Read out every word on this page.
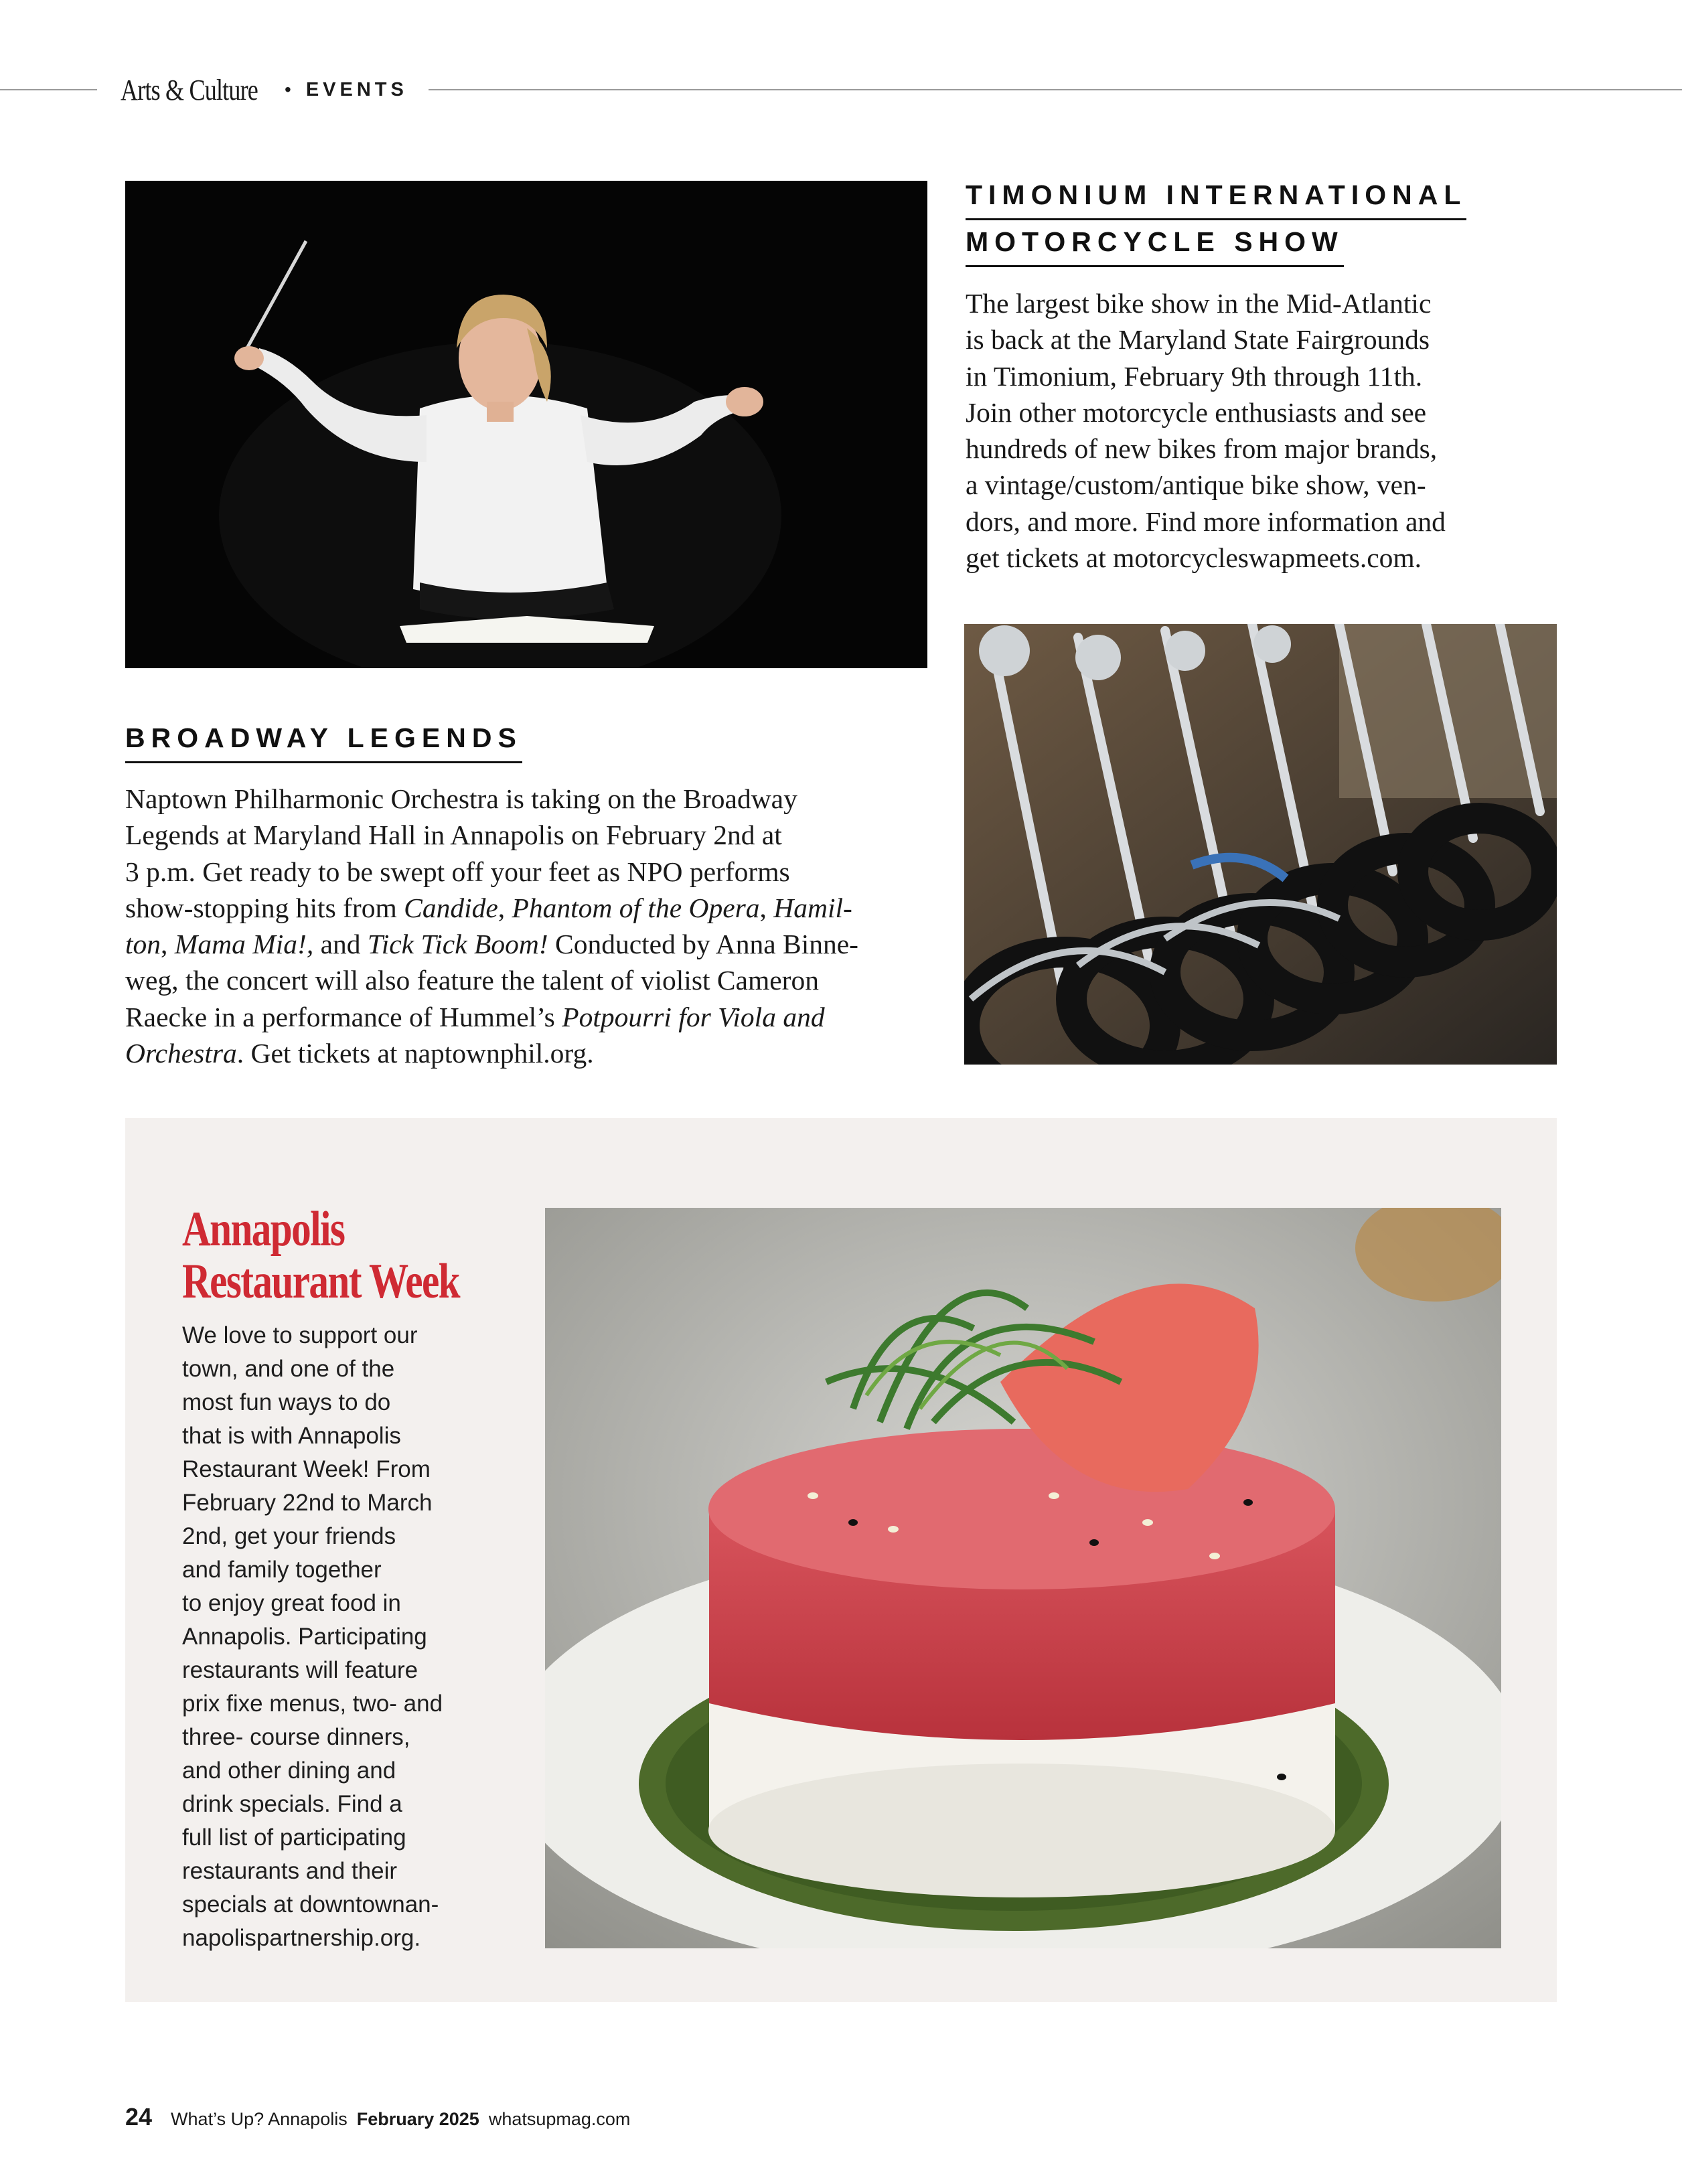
Arts & Culture • EVENTS
TIMONIUM INTERNATIONAL
MOTORCYCLE SHOW

The largest bike show in the Mid-Atlantic
is back at the Maryland State Fairgrounds
in Timonium, February 9th through 11th.
Join other motorcycle enthusiasts and see
hundreds of new bikes from major brands,
a vintage/custom/antique bike show, ven-
dors, and more. Find more information and
get tickets at motorcycleswapmeets.com.

BROADWAY LEGENDS

Naptown Philharmonic Orchestra is taking on the Broadway
Legends at Maryland Hall in Annapolis on February 2nd at
3 p.m. Get ready to be swept off your feet as NPO performs
show-stopping hits from Candide, Phantom of the Opera, Hamil-
ton, Mama Mia!, and Tick Tick Boom! Conducted by Anna Binne-
weg, the concert will also feature the talent of violist Cameron
Raecke in a performance of Hummel’s Potpourri for Viola and
Orchestra. Get tickets at naptownphil.org.

Annapolis
Restaurant Week

We love to support our
town, and one of the
most fun ways to do
that is with Annapolis
Restaurant Week! From
February 22nd to March
2nd, get your friends
and family together
to enjoy great food in
Annapolis. Participating
restaurants will feature
prix fixe menus, two- and
three- course dinners,
and other dining and
drink specials. Find a
full list of participating
restaurants and their
specials at downtownan-
napolispartnership.org.

24 What’s Up? Annapolis February 2025 whatsupmag.com
